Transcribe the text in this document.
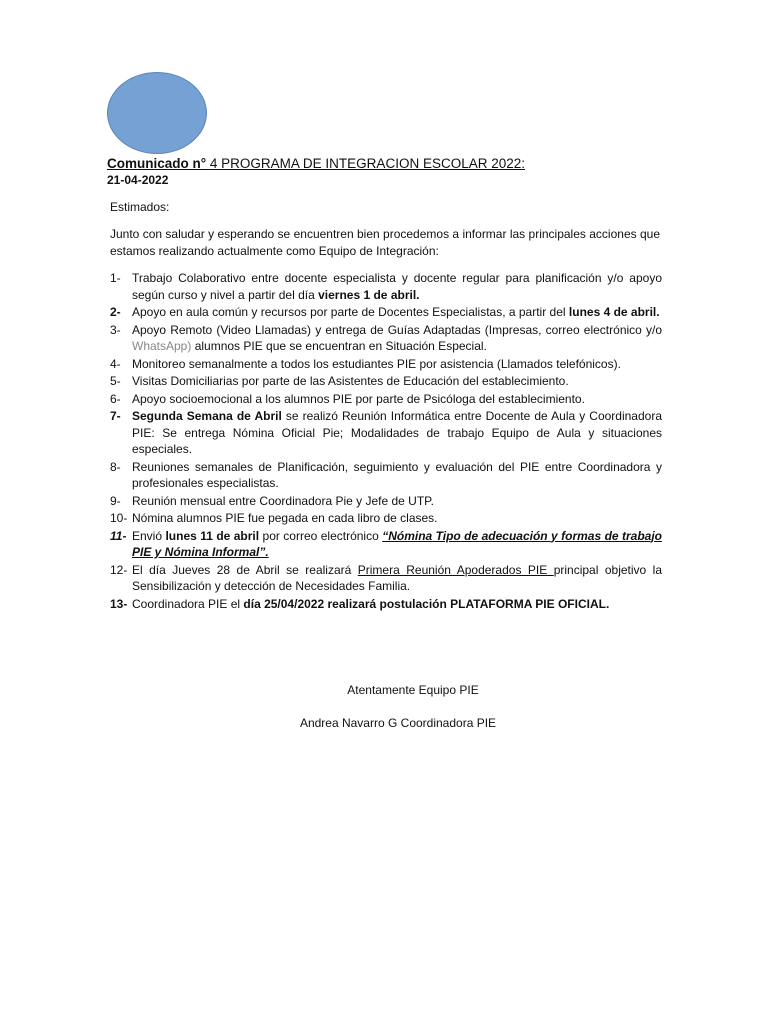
Comunicado n° 4 PROGRAMA DE INTEGRACION ESCOLAR 2022:
21-04-2022
Estimados:
Junto con saludar y esperando se encuentren bien procedemos a informar las principales acciones que estamos realizando actualmente como Equipo de Integración:
1- Trabajo Colaborativo entre docente especialista y docente regular para planificación y/o apoyo según curso y nivel a partir del día viernes 1 de abril.
2- Apoyo en aula común y recursos por parte de Docentes Especialistas, a partir del lunes 4 de abril.
3- Apoyo Remoto (Video Llamadas) y entrega de Guías Adaptadas (Impresas, correo electrónico y/o WhatsApp) alumnos PIE que se encuentran en Situación Especial.
4- Monitoreo semanalmente a todos los estudiantes PIE por asistencia (Llamados telefónicos).
5- Visitas Domiciliarias por parte de las Asistentes de Educación del establecimiento.
6- Apoyo socioemocional a los alumnos PIE por parte de Psicóloga del establecimiento.
7- Segunda Semana de Abril se realizó Reunión Informática entre Docente de Aula y Coordinadora PIE: Se entrega Nómina Oficial Pie; Modalidades de trabajo Equipo de Aula y situaciones especiales.
8- Reuniones semanales de Planificación, seguimiento y evaluación del PIE entre Coordinadora y profesionales especialistas.
9- Reunión mensual entre Coordinadora Pie y Jefe de UTP.
10- Nómina alumnos PIE fue pegada en cada libro de clases.
11- Envió lunes 11 de abril por correo electrónico “Nómina Tipo de adecuación y formas de trabajo PIE y Nómina Informal”.
12- El día Jueves 28 de Abril se realizará Primera Reunión Apoderados PIE principal objetivo la Sensibilización y detección de Necesidades Familia.
13- Coordinadora PIE el día 25/04/2022 realizará postulación PLATAFORMA PIE OFICIAL.
Atentamente Equipo PIE
Andrea Navarro G Coordinadora PIE
